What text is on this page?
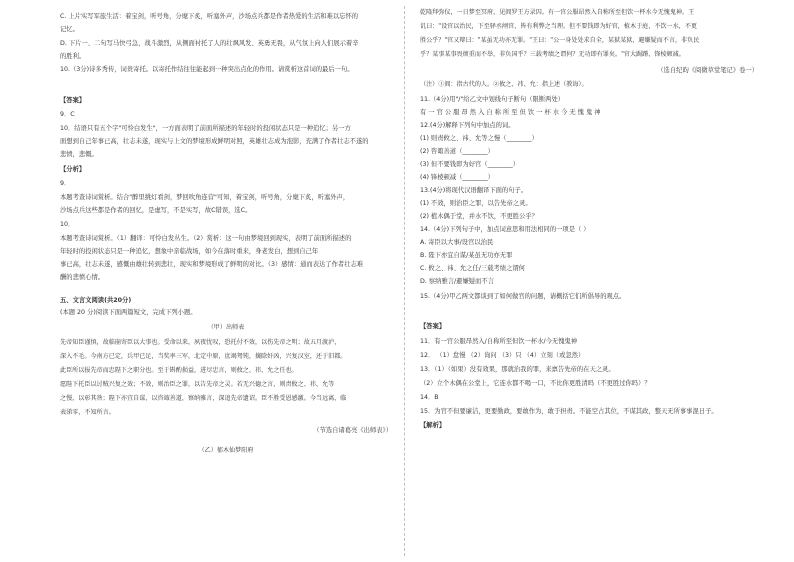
C. 上片实写军旅生活：着宝剑，听号角，分麾下炙，听塞外声，沙场点兵都是作者热爱的生活和难以忘怀的
记忆。
D. 下片一、二句写马快弓急，战斗激烈，从侧面衬托了人的壮飒风发、英勇无畏，从气氛上向人们展示着辛
的胜利。
10.（3分)诗多秀传，词贵寄托。以寄托作结往往能起到一种突出点化的作用。请赏析这首词的最后一句。
【答案】
9．C
10．结语只有五个字"可怜白发生"，一方面表明了前面所描述的年轻时的投闲状态只是一种追忆；另一方
面想到自己年事已高，壮志未遂，现实与上文的梦境形成鲜明对照，英雄壮志成为泡影，充满了作者壮志不遂的
悲愤，悲慨。
【分析】
9．
本题考查诗词赏析。结合"醉里挑灯看剑，梦回吹角连营"可知，着宝剑，听号角，分麾下炙，听塞外声，
沙场点兵这些都是作者的回忆，是虚写，不是实写，故C错误，选C。
10．
本题考查诗词赏析。（1）翻译：可怜白发丛生。（2）赏析：这一句由梦境回到现实，表明了前面所描述的
年轻时的投闲状态只是一种追忆，想象中亲临战场，如今在落时重来，身老发白，想到自己年
事已高，壮志未遂，感慨由雄壮转到悲壮，现实和梦境形成了鲜明的对比。（3）感情：通而表达了作者壮志难
酬的悲愤心情。
五、文言文阅读(共20分)
(本题 20 分)阅读下面两篇短文，完成下列小题。
（甲）出师表
先帝知臣谨慎，故临崩寄臣以大事也。受命以来，夙夜忧叹，恐托付不效，以伤先帝之明；故五月渡泸，
深入不毛。今南方已定，兵甲已足，当奖率三军，北定中原，庶竭驽钝，攘除奸凶，兴复汉室，还于旧都。
此臣所以报先帝而忠陛下之职分也。至于斟酌损益，进尽忠言，则攸之、祎、允之任也。
愿陛下托臣以讨贼兴复之效；不效，则治臣之罪，以告先帝之灵。若无兴德之言，则责攸之、祎、允等
之慢，以彰其咎；陛下亦宜自谋，以咨诹善道，察纳雅言，深追先帝遗诏。臣不胜受恩感激。今当远离，临
表涕零，不知所言。
（节选自诸葛亮《出师表》）
（乙）郁木仙梦阳府
乾隆拜弥仪，一日梦至冥府，见阎罗王方录囚。有一官公服昂然入自称所至但饮一杯水今无愧鬼神。王
讥曰："设官以治民，下至驿丞闸官，皆有利弊之当理。但不要钱即为好官，植木于庭，不饮一水，不更
胜公乎？"官又辩曰："某虽无功亦无罪。"王曰："公一身处处求自全，某狱某狱，避嫌疑而不言，非负民
乎？某事某事畏烦重而不举，非负国乎？三载考绩之谓何？无功即有罪矣。"官大跼蹐，锋棱顿减。
（选自纪昀《阅微草堂笔记》卷一）
（注）①阎：指古代的人。②攸之、祎、允：指上述（教诲）。
11.（4分)用"/"给乙文中划线句子断句（限断两处）
有 一 官 公 服 昂 然 入 自 称 所 至 但 饮 一 杯 水 今 无 愧 鬼 神
12.(4分)解释下列句中加点的词。
(1) 则责攸之、祎、允等之慢（________）
(2) 咨诹善道（________）
(3) 但不要钱即为好官（________）
(4) 锋棱顿减（________）
13.(4分)将现代汉语翻译下面的句子。
(1) 不效，则治臣之罪，以告先帝之灵。
(2) 植木偶于堂，并水不饮，不更胜公乎？
14.（4分)下列句子中，加点词意思和用法相同的一项是（ ）
A. 寄臣以大事/设官以治民
B. 陛下亦宜自谋/某虽无功亦无罪
C. 攸之、祎、允之任/三载考绩之谓何
D. 察纳雅言/避嫌疑而不言
15.（4分)甲乙两文都谈到了如何做官的问题，请概括它们所倡导的观点。
【答案】
11．有一官公服昂然入/自称所至但饮一杯水/今无愧鬼神
12． （1）怠慢 （2）询问 （3）只 （4）立刻（或忽然）
13．（1）（如果）没有效果，那就治我的罪，来禀告先帝的在天之灵。
（2）立个木偶在公堂上，它连水都不喝一口，不比你更胜清吗（不更胜过你吗）？
14．B
15．为官不但要廉洁，更要勤政，要敢作为，敢于担责。不能空占其位，不谋其政，整天无所事事混日子。
【解析】
